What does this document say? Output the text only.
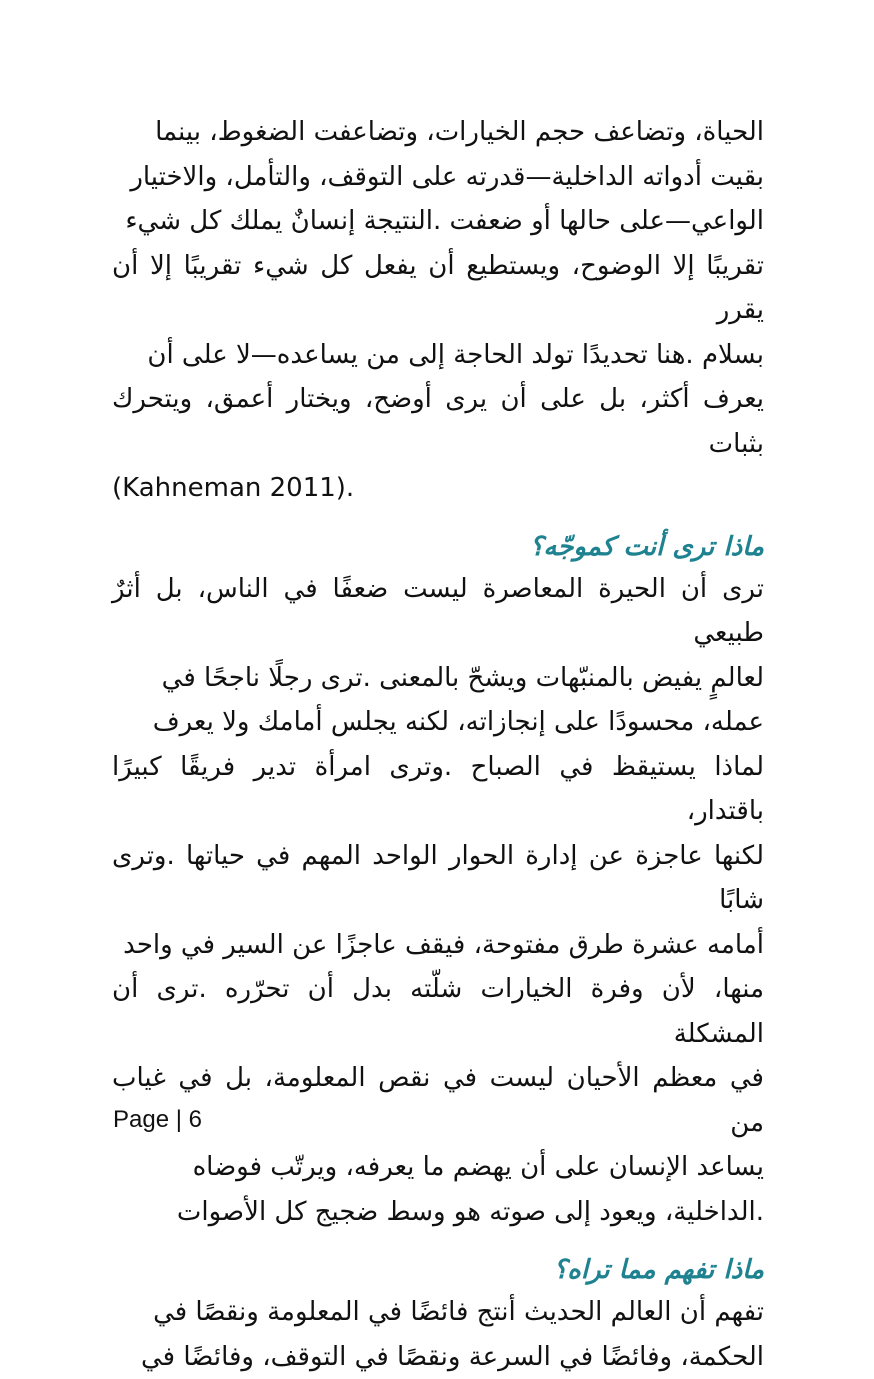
الحياة، وتضاعف حجم الخيارات، وتضاعفت الضغوط، بينما
بقيت أدواته الداخلية—قدرته على التوقف، والتأمل، والاختيار
الواعي—على حالها أو ضعفت .النتيجة إنسانٌ يملك كل شيء
تقريبًا إلا الوضوح، ويستطيع أن يفعل كل شيء تقريبًا إلا أن يقرر
بسلام .هنا تحديدًا تولد الحاجة إلى من يساعده—لا على أن
يعرف أكثر، بل على أن يرى أوضح، ويختار أعمق، ويتحرك بثبات

(Kahneman 2011).

ماذا ترى أنت كموجّه؟

ترى أن الحيرة المعاصرة ليست ضعفًا في الناس، بل أثرٌ طبيعي
لعالمٍ يفيض بالمنبّهات ويشحّ بالمعنى .ترى رجلًا ناجحًا في
عمله، محسودًا على إنجازاته، لكنه يجلس أمامك ولا يعرف
لماذا يستيقظ في الصباح .وترى امرأة تدير فريقًا كبيرًا باقتدار،
لكنها عاجزة عن إدارة الحوار الواحد المهم في حياتها .وترى شابًا
أمامه عشرة طرق مفتوحة، فيقف عاجزًا عن السير في واحد
منها، لأن وفرة الخيارات شلّته بدل أن تحرّره .ترى أن المشكلة
في معظم الأحيان ليست في نقص المعلومة، بل في غياب من
يساعد الإنسان على أن يهضم ما يعرفه، ويرتّب فوضاه
.الداخلية، ويعود إلى صوته هو وسط ضجيج كل الأصوات

ماذا تفهم مما تراه؟

تفهم أن العالم الحديث أنتج فائضًا في المعلومة ونقصًا في
الحكمة، وفائضًا في السرعة ونقصًا في التوقف، وفائضًا في

Page | 6
